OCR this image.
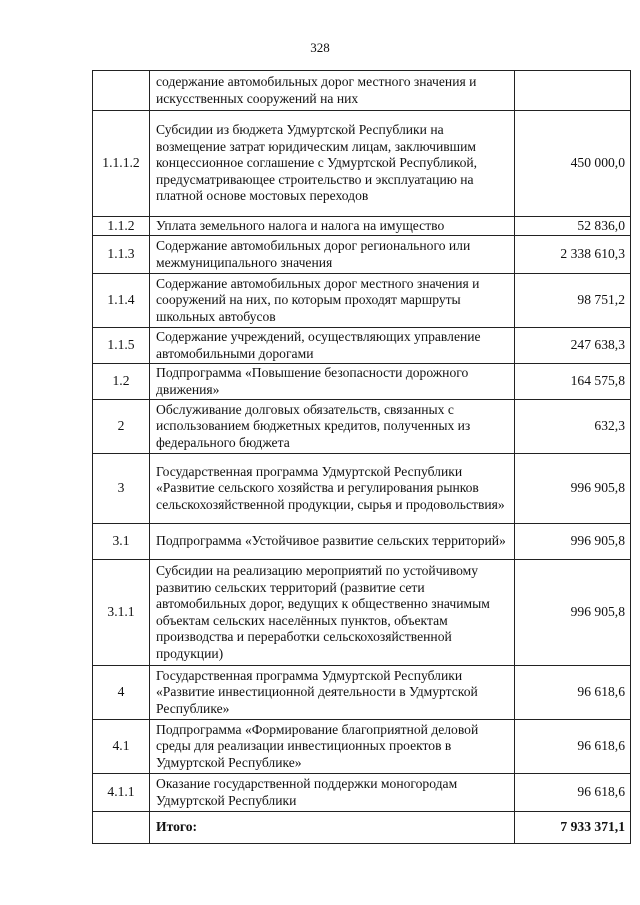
328
	содержание автомобильных дорог местного значения и искусственных сооружений на них	
1.1.1.2	Субсидии из бюджета Удмуртской Республики на возмещение затрат юридическим лицам, заключившим концессионное соглашение с Удмуртской Республикой, предусматривающее строительство и эксплуатацию на платной основе мостовых переходов	450 000,0
1.1.2	Уплата земельного налога и налога на имущество	52 836,0
1.1.3	Содержание автомобильных дорог регионального или межмуниципального значения	2 338 610,3
1.1.4	Содержание автомобильных дорог местного значения и сооружений на них, по которым проходят маршруты школьных автобусов	98 751,2
1.1.5	Содержание учреждений, осуществляющих управление автомобильными дорогами	247 638,3
1.2	Подпрограмма «Повышение безопасности дорожного движения»	164 575,8
2	Обслуживание долговых обязательств, связанных с использованием бюджетных кредитов, полученных из федерального бюджета	632,3
3	Государственная программа Удмуртской Республики «Развитие сельского хозяйства и регулирования рынков сельскохозяйственной продукции, сырья и продовольствия»	996 905,8
3.1	Подпрограмма «Устойчивое развитие сельских территорий»	996 905,8
3.1.1	Субсидии на реализацию мероприятий по устойчивому развитию сельских территорий (развитие сети автомобильных дорог, ведущих к общественно значимым объектам сельских населённых пунктов, объектам производства и переработки сельскохозяйственной продукции)	996 905,8
4	Государственная программа Удмуртской Республики «Развитие инвестиционной деятельности в Удмуртской Республике»	96 618,6
4.1	Подпрограмма «Формирование благоприятной деловой среды для реализации инвестиционных проектов в Удмуртской Республике»	96 618,6
4.1.1	Оказание государственной поддержки моногородам Удмуртской Республики	96 618,6
	Итого:	7 933 371,1
